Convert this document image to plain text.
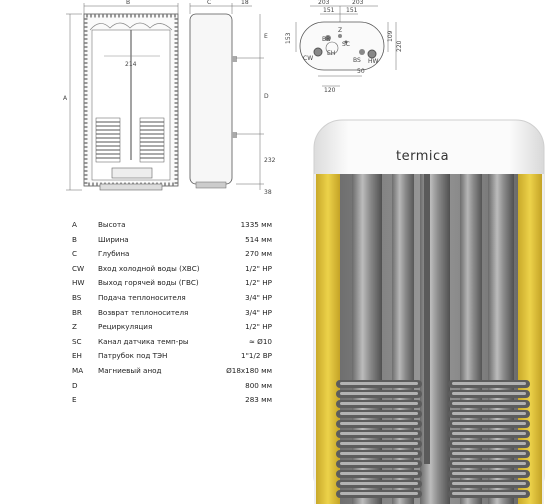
B
A
214
C	18
E
D
232
38
203	203
151 151
BR
Z
SC
EH
CW	BS HW
153	109
220
50
120
A	Высота	1335 мм
B	Ширина	514 мм
C	Глубина	270 мм
CW	Вход холодной воды (ХВС)	1/2" НР
HW	Выход горячей воды (ГВС)	1/2" НР
BS	Подача теплоносителя	3/4" НР
BR	Возврат теплоносителя	3/4" НР
Z	Рециркуляция	1/2" НР
SC	Канал датчика темп-ры	≈ Ø10
EH	Патрубок под ТЭН	1"1/2 ВР
MA	Магниевый анод	Ø18x180 мм
D		800 мм
E		283 мм
termica
